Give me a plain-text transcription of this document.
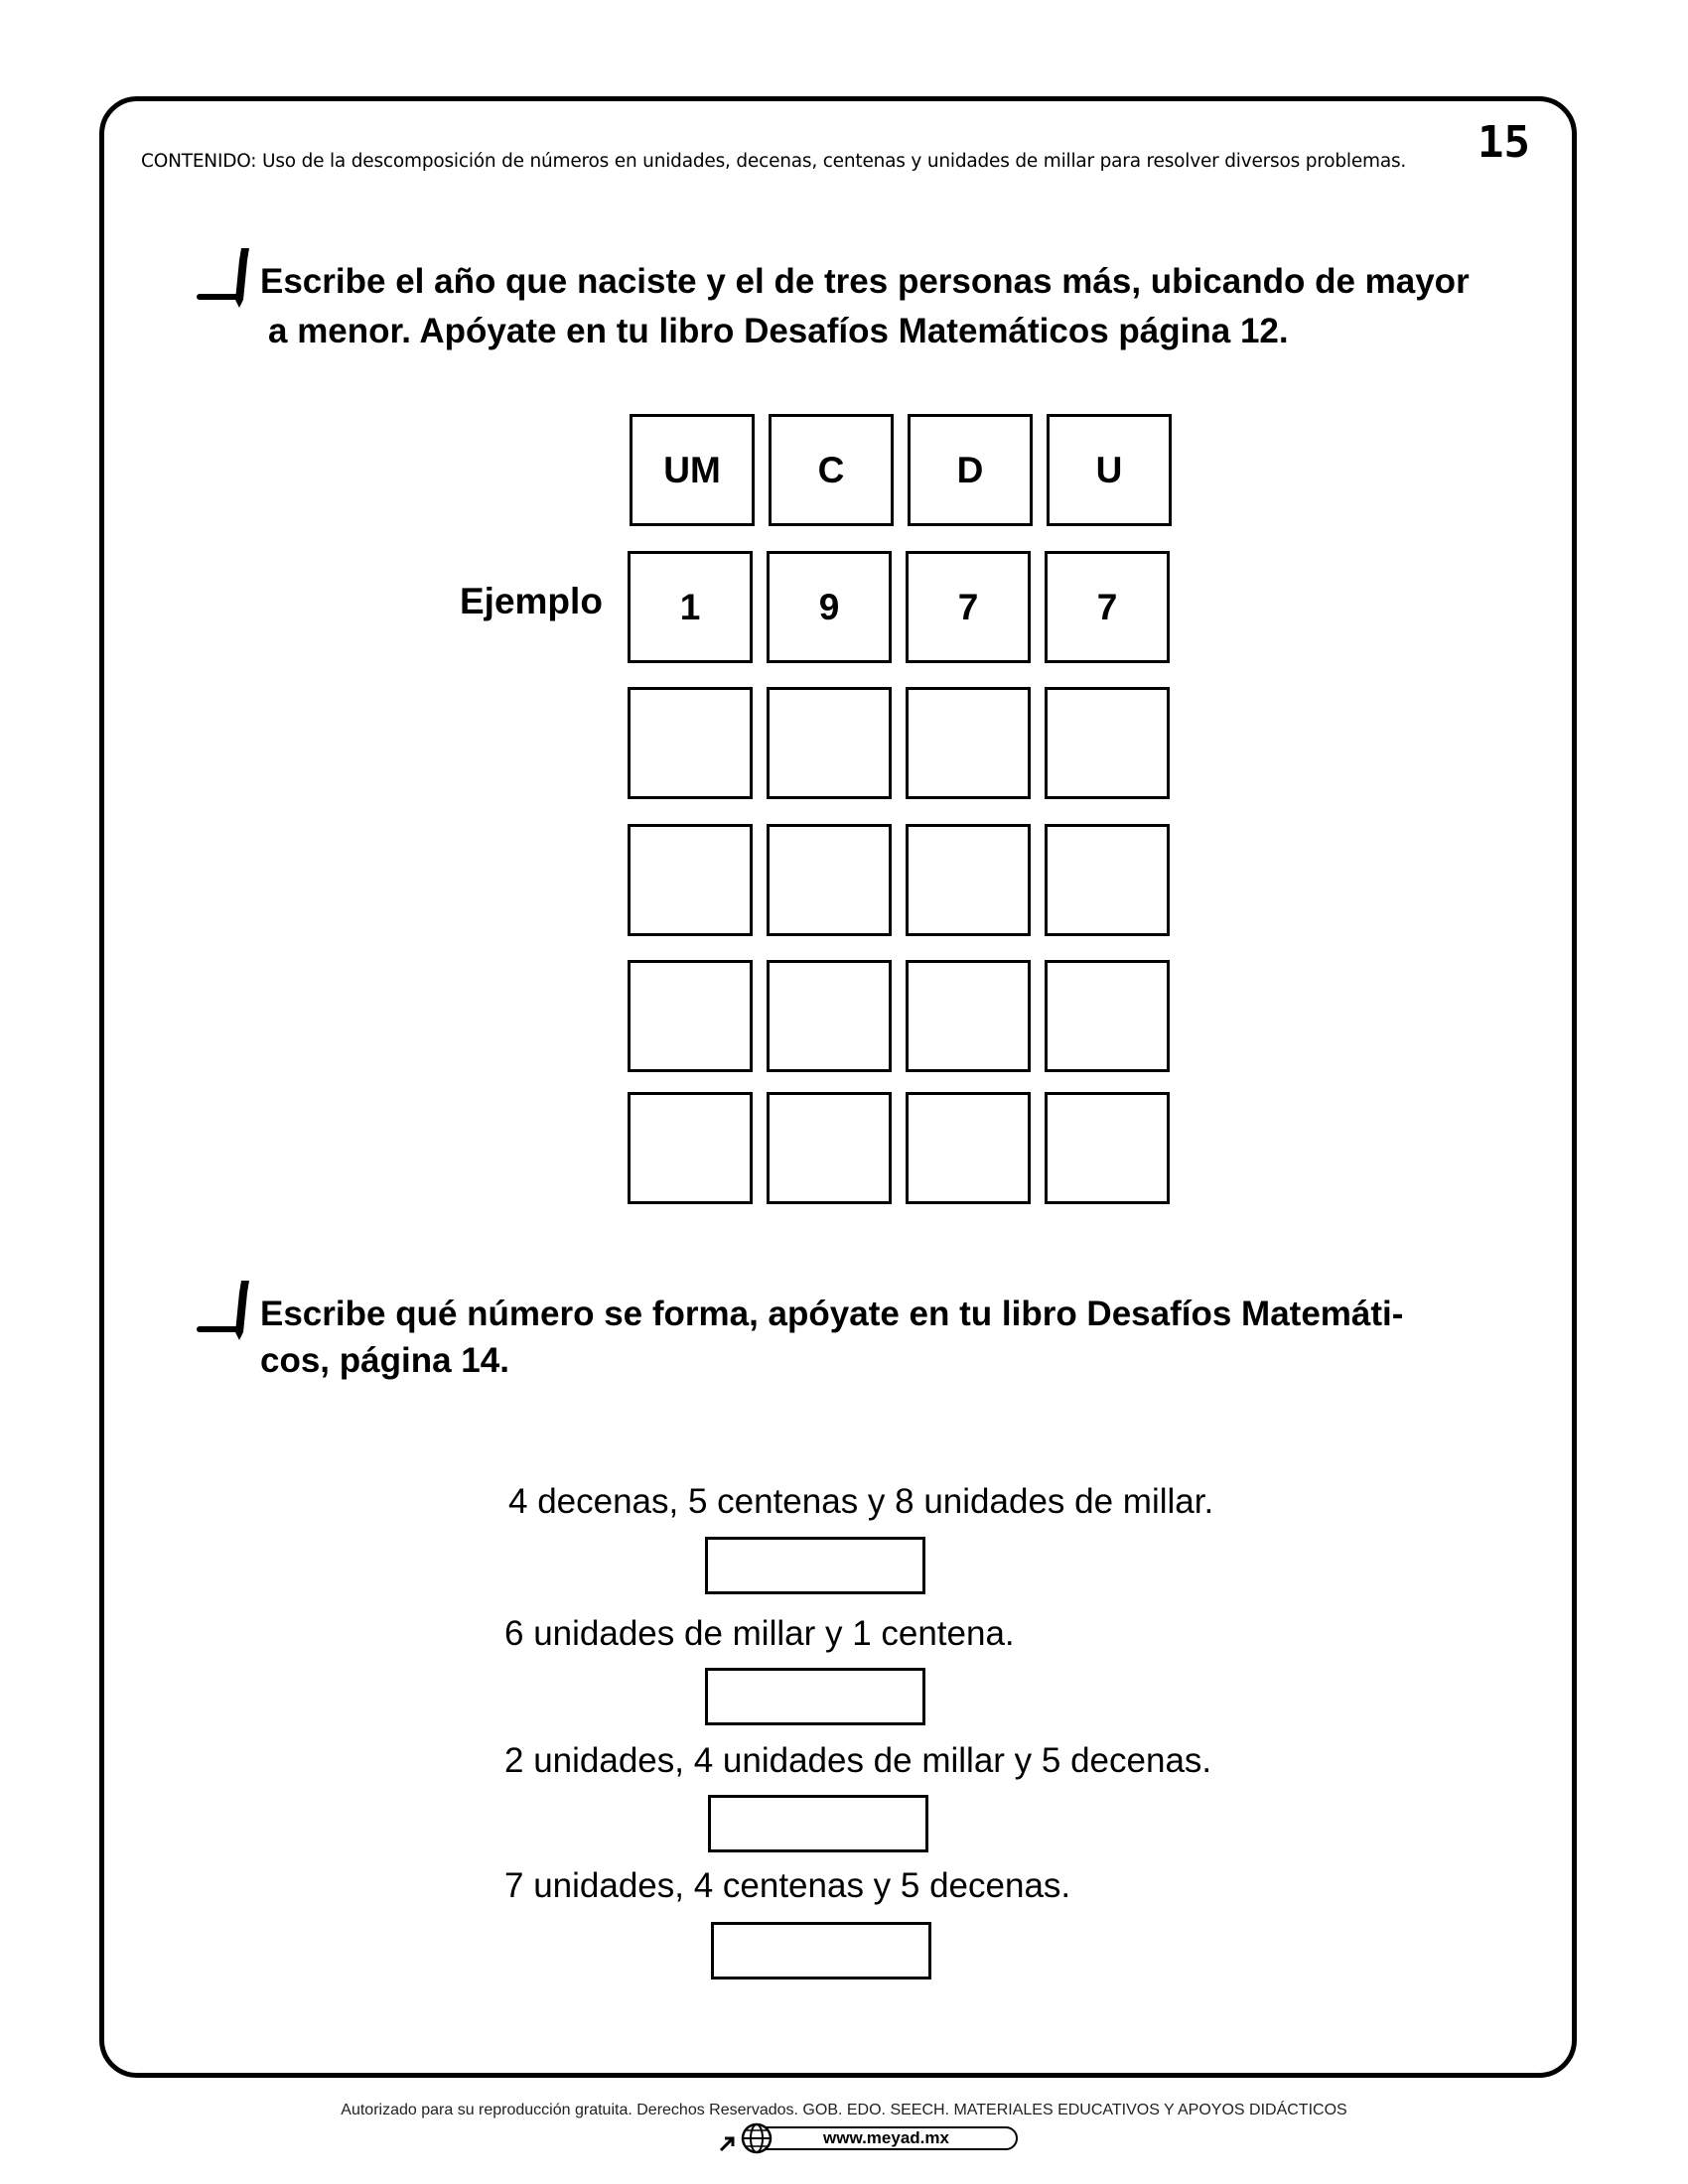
CONTENIDO: Uso de la descomposición de números en unidades, decenas, centenas y unidades de millar para resolver diversos problemas. 15
Escribe el año que naciste y el de tres personas más, ubicando de mayor
a menor. Apóyate en tu libro Desafíos Matemáticos página 12.
UM	C	D	U
Ejemplo	1	9	7	7
Escribe qué número se forma, apóyate en tu libro Desafíos Matemáti-
cos, página 14.
4 decenas, 5 centenas y 8 unidades de millar.
6 unidades de millar y 1 centena.
2 unidades, 4 unidades de millar y 5 decenas.
7 unidades, 4 centenas y 5 decenas.
Autorizado para su reproducción gratuita. Derechos Reservados. GOB. EDO. SEECH. MATERIALES EDUCATIVOS Y APOYOS DIDÁCTICOS
www.meyad.mx
